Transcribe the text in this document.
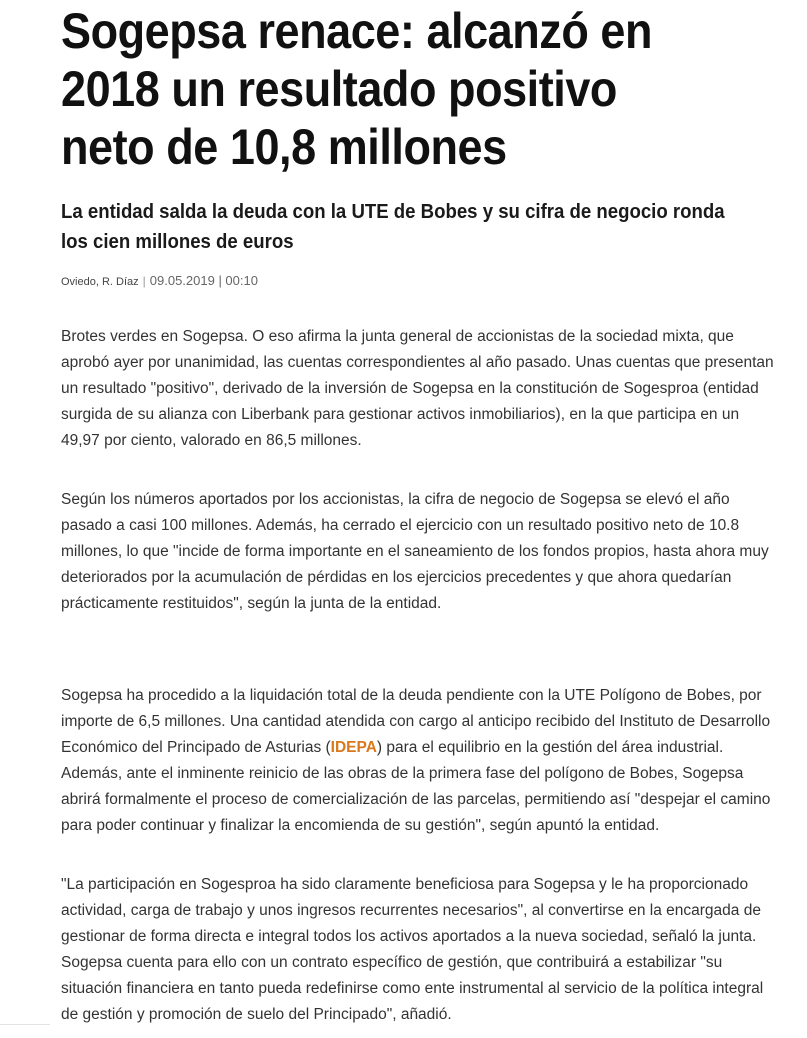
Sogepsa renace: alcanzó en 2018 un resultado positivo neto de 10,8 millones
La entidad salda la deuda con la UTE de Bobes y su cifra de negocio ronda los cien millones de euros
Oviedo, R. Díaz | 09.05.2019 | 00:10

Brotes verdes en Sogepsa. O eso afirma la junta general de accionistas de la sociedad mixta, que
aprobó ayer por unanimidad, las cuentas correspondientes al año pasado. Unas cuentas que presentan
un resultado "positivo", derivado de la inversión de Sogepsa en la constitución de Sogesproa (entidad
surgida de su alianza con Liberbank para gestionar activos inmobiliarios), en la que participa en un
49,97 por ciento, valorado en 86,5 millones.

Según los números aportados por los accionistas, la cifra de negocio de Sogepsa se elevó el año
pasado a casi 100 millones. Además, ha cerrado el ejercicio con un resultado positivo neto de 10.8
millones, lo que "incide de forma importante en el saneamiento de los fondos propios, hasta ahora muy
deteriorados por la acumulación de pérdidas en los ejercicios precedentes y que ahora quedarían
prácticamente restituidos", según la junta de la entidad.

Sogepsa ha procedido a la liquidación total de la deuda pendiente con la UTE Polígono de Bobes, por
importe de 6,5 millones. Una cantidad atendida con cargo al anticipo recibido del Instituto de Desarrollo
Económico del Principado de Asturias (IDEPA) para el equilibrio en la gestión del área industrial.
Además, ante el inminente reinicio de las obras de la primera fase del polígono de Bobes, Sogepsa
abrirá formalmente el proceso de comercialización de las parcelas, permitiendo así "despejar el camino
para poder continuar y finalizar la encomienda de su gestión", según apuntó la entidad.

"La participación en Sogesproa ha sido claramente beneficiosa para Sogepsa y le ha proporcionado
actividad, carga de trabajo y unos ingresos recurrentes necesarios", al convertirse en la encargada de
gestionar de forma directa e integral todos los activos aportados a la nueva sociedad, señaló la junta.
Sogepsa cuenta para ello con un contrato específico de gestión, que contribuirá a estabilizar "su
situación financiera en tanto pueda redefinirse como ente instrumental al servicio de la política integral
de gestión y promoción de suelo del Principado", añadió.
